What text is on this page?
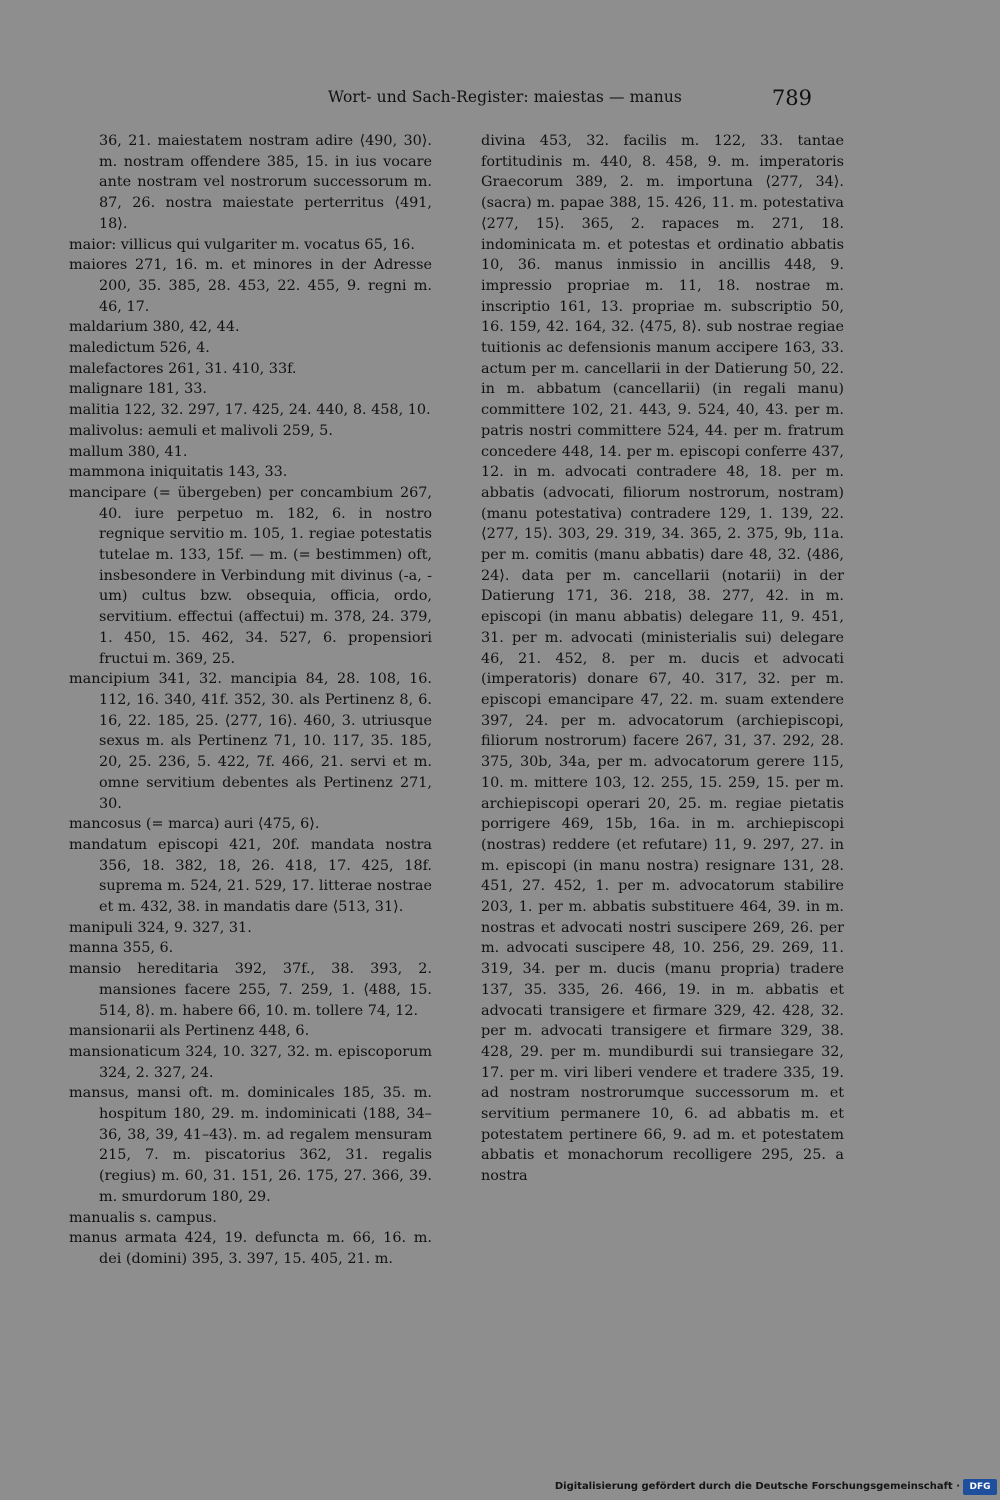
Wort- und Sach-Register: maiestas — manus	789
36, 21. maiestatem nostram adire ⟨490, 30⟩. m. nostram offendere 385, 15. in ius vocare ante nostram vel nostrorum successorum m. 87, 26. nostra maiestate perterritus ⟨491, 18⟩.
maior: villicus qui vulgariter m. vocatus 65, 16.
maiores 271, 16. m. et minores in der Adresse 200, 35. 385, 28. 453, 22. 455, 9. regni m. 46, 17.
maldarium 380, 42, 44.
maledictum 526, 4.
malefactores 261, 31. 410, 33f.
malignare 181, 33.
malitia 122, 32. 297, 17. 425, 24. 440, 8. 458, 10.
malivolus: aemuli et malivoli 259, 5.
mallum 380, 41.
mammona iniquitatis 143, 33.
mancipare (= übergeben) per concambium 267, 40. iure perpetuo m. 182, 6. in nostro regnique servitio m. 105, 1. regiae potestatis tutelae m. 133, 15f. — m. (= bestimmen) oft, insbesondere in Verbindung mit divinus (-a, -um) cultus bzw. obsequia, officia, ordo, servitium. effectui (affectui) m. 378, 24. 379, 1. 450, 15. 462, 34. 527, 6. propensiori fructui m. 369, 25.
mancipium 341, 32. mancipia 84, 28. 108, 16. 112, 16. 340, 41f. 352, 30. als Pertinenz 8, 6. 16, 22. 185, 25. ⟨277, 16⟩. 460, 3. utriusque sexus m. als Pertinenz 71, 10. 117, 35. 185, 20, 25. 236, 5. 422, 7f. 466, 21. servi et m. omne servitium debentes als Pertinenz 271, 30.
mancosus (= marca) auri ⟨475, 6⟩.
mandatum episcopi 421, 20f. mandata nostra 356, 18. 382, 18, 26. 418, 17. 425, 18f. suprema m. 524, 21. 529, 17. litterae nostrae et m. 432, 38. in mandatis dare ⟨513, 31⟩.
manipuli 324, 9. 327, 31.
manna 355, 6.
mansio hereditaria 392, 37f., 38. 393, 2. mansiones facere 255, 7. 259, 1. ⟨488, 15. 514, 8⟩. m. habere 66, 10. m. tollere 74, 12.
mansionarii als Pertinenz 448, 6.
mansionaticum 324, 10. 327, 32. m. episcoporum 324, 2. 327, 24.
mansus, mansi oft. m. dominicales 185, 35. m. hospitum 180, 29. m. indominicati ⟨188, 34–36, 38, 39, 41–43⟩. m. ad regalem mensuram 215, 7. m. piscatorius 362, 31. regalis (regius) m. 60, 31. 151, 26. 175, 27. 366, 39. m. smurdorum 180, 29.
manualis s. campus.
manus armata 424, 19. defuncta m. 66, 16. m. dei (domini) 395, 3. 397, 15. 405, 21. m.
divina 453, 32. facilis m. 122, 33. tantae fortitudinis m. 440, 8. 458, 9. m. imperatoris Graecorum 389, 2. m. importuna ⟨277, 34⟩. (sacra) m. papae 388, 15. 426, 11. m. potestativa ⟨277, 15⟩. 365, 2. rapaces m. 271, 18. indominicata m. et potestas et ordinatio abbatis 10, 36. manus inmissio in ancillis 448, 9. impressio propriae m. 11, 18. nostrae m. inscriptio 161, 13. propriae m. subscriptio 50, 16. 159, 42. 164, 32. ⟨475, 8⟩. sub nostrae regiae tuitionis ac defensionis manum accipere 163, 33. actum per m. cancellarii in der Datierung 50, 22. in m. abbatum (cancellarii) (in regali manu) committere 102, 21. 443, 9. 524, 40, 43. per m. patris nostri committere 524, 44. per m. fratrum concedere 448, 14. per m. episcopi conferre 437, 12. in m. advocati contradere 48, 18. per m. abbatis (advocati, filiorum nostrorum, nostram) (manu potestativa) contradere 129, 1. 139, 22. ⟨277, 15⟩. 303, 29. 319, 34. 365, 2. 375, 9b, 11a. per m. comitis (manu abbatis) dare 48, 32. ⟨486, 24⟩. data per m. cancellarii (notarii) in der Datierung 171, 36. 218, 38. 277, 42. in m. episcopi (in manu abbatis) delegare 11, 9. 451, 31. per m. advocati (ministerialis sui) delegare 46, 21. 452, 8. per m. ducis et advocati (imperatoris) donare 67, 40. 317, 32. per m. episcopi emancipare 47, 22. m. suam extendere 397, 24. per m. advocatorum (archiepiscopi, filiorum nostrorum) facere 267, 31, 37. 292, 28. 375, 30b, 34a, per m. advocatorum gerere 115, 10. m. mittere 103, 12. 255, 15. 259, 15. per m. archiepiscopi operari 20, 25. m. regiae pietatis porrigere 469, 15b, 16a. in m. archiepiscopi (nostras) reddere (et refutare) 11, 9. 297, 27. in m. episcopi (in manu nostra) resignare 131, 28. 451, 27. 452, 1. per m. advocatorum stabilire 203, 1. per m. abbatis substituere 464, 39. in m. nostras et advocati nostri suscipere 269, 26. per m. advocati suscipere 48, 10. 256, 29. 269, 11. 319, 34. per m. ducis (manu propria) tradere 137, 35. 335, 26. 466, 19. in m. abbatis et advocati transigere et firmare 329, 42. 428, 32. per m. advocati transigere et firmare 329, 38. 428, 29. per m. mundiburdi sui transiegare 32, 17. per m. viri liberi vendere et tradere 335, 19. ad nostram nostrorumque successorum m. et servitium permanere 10, 6. ad abbatis m. et potestatem pertinere 66, 9. ad m. et potestatem abbatis et monachorum recolligere 295, 25. a nostra
Digitalisierung gefördert durch die Deutsche Forschungsgemeinschaft ·	DFG
